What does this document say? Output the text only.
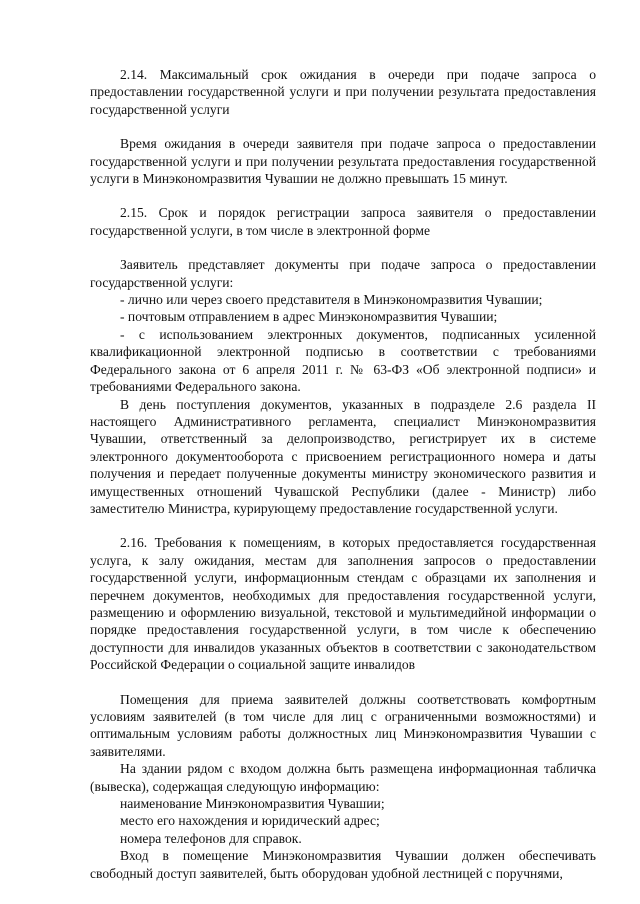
2.14. Максимальный срок ожидания в очереди при подаче запроса о предоставлении государственной услуги и при получении результата предоставления государственной услуги

Время ожидания в очереди заявителя при подаче запроса о предоставлении государственной услуги и при получении результата предоставления государственной услуги в Минэкономразвития Чувашии не должно превышать 15 минут.

2.15. Срок и порядок регистрации запроса заявителя о предоставлении государственной услуги, в том числе в электронной форме

Заявитель представляет документы при подаче запроса о предоставлении государственной услуги:

- лично или через своего представителя в Минэкономразвития Чувашии;

- почтовым отправлением в адрес Минэкономразвития Чувашии;

- с использованием электронных документов, подписанных усиленной квалификационной электронной подписью в соответствии с требованиями Федерального закона от 6 апреля 2011 г. № 63-ФЗ «Об электронной подписи» и требованиями Федерального закона.

В день поступления документов, указанных в подразделе 2.6 раздела II настоящего Административного регламента, специалист Минэкономразвития Чувашии, ответственный за делопроизводство, регистрирует их в системе электронного документооборота с присвоением регистрационного номера и даты получения и передает полученные документы министру экономического развития и имущественных отношений Чувашской Республики (далее - Министр) либо заместителю Министра, курирующему предоставление государственной услуги.

2.16. Требования к помещениям, в которых предоставляется государственная услуга, к залу ожидания, местам для заполнения запросов о предоставлении государственной услуги, информационным стендам с образцами их заполнения и перечнем документов, необходимых для предоставления государственной услуги, размещению и оформлению визуальной, текстовой и мультимедийной информации о порядке предоставления государственной услуги, в том числе к обеспечению доступности для инвалидов указанных объектов в соответствии с законодательством Российской Федерации о социальной защите инвалидов

Помещения для приема заявителей должны соответствовать комфортным условиям заявителей (в том числе для лиц с ограниченными возможностями) и оптимальным условиям работы должностных лиц Минэкономразвития Чувашии с заявителями.

На здании рядом с входом должна быть размещена информационная табличка (вывеска), содержащая следующую информацию:

наименование Минэкономразвития Чувашии;

место его нахождения и юридический адрес;

номера телефонов для справок.

Вход в помещение Минэкономразвития Чувашии должен обеспечивать свободный доступ заявителей, быть оборудован удобной лестницей с поручнями,
